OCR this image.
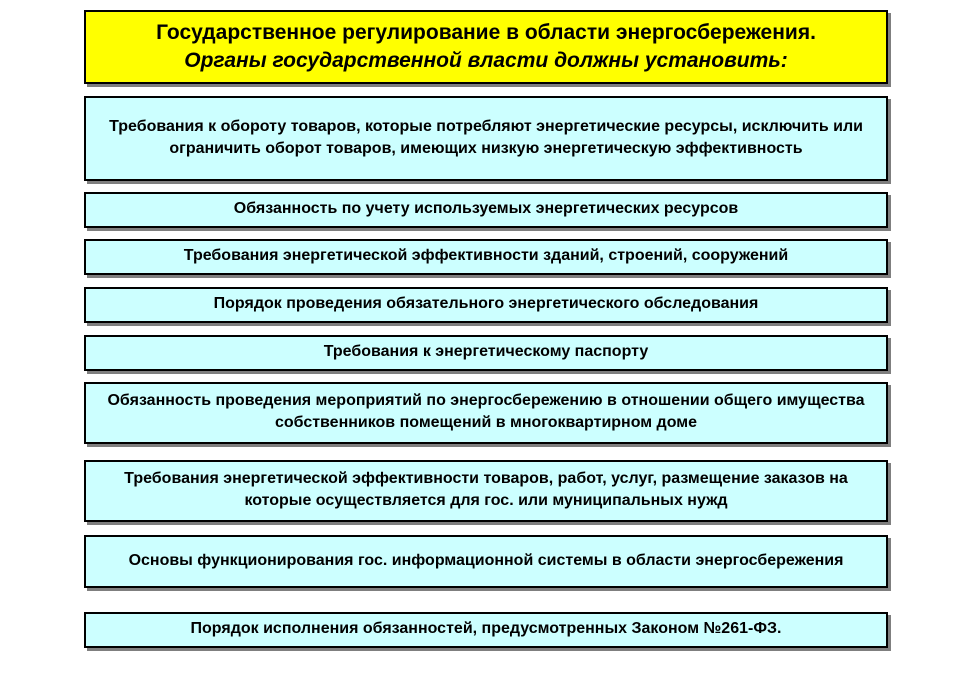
Государственное регулирование в области энергосбережения.
Органы государственной власти должны установить:
Требования к обороту товаров, которые потребляют энергетические ресурсы, исключить или ограничить оборот товаров, имеющих низкую энергетическую эффективность
Обязанность по учету используемых энергетических ресурсов
Требования энергетической эффективности зданий, строений, сооружений
Порядок проведения обязательного энергетического обследования
Требования к энергетическому паспорту
Обязанность проведения мероприятий по энергосбережению в отношении общего имущества собственников помещений в многоквартирном доме
Требования энергетической эффективности товаров, работ, услуг, размещение заказов на которые осуществляется для гос. или муниципальных нужд
Основы функционирования гос. информационной системы в области энергосбережения
Порядок исполнения обязанностей, предусмотренных Законом №261-ФЗ.
